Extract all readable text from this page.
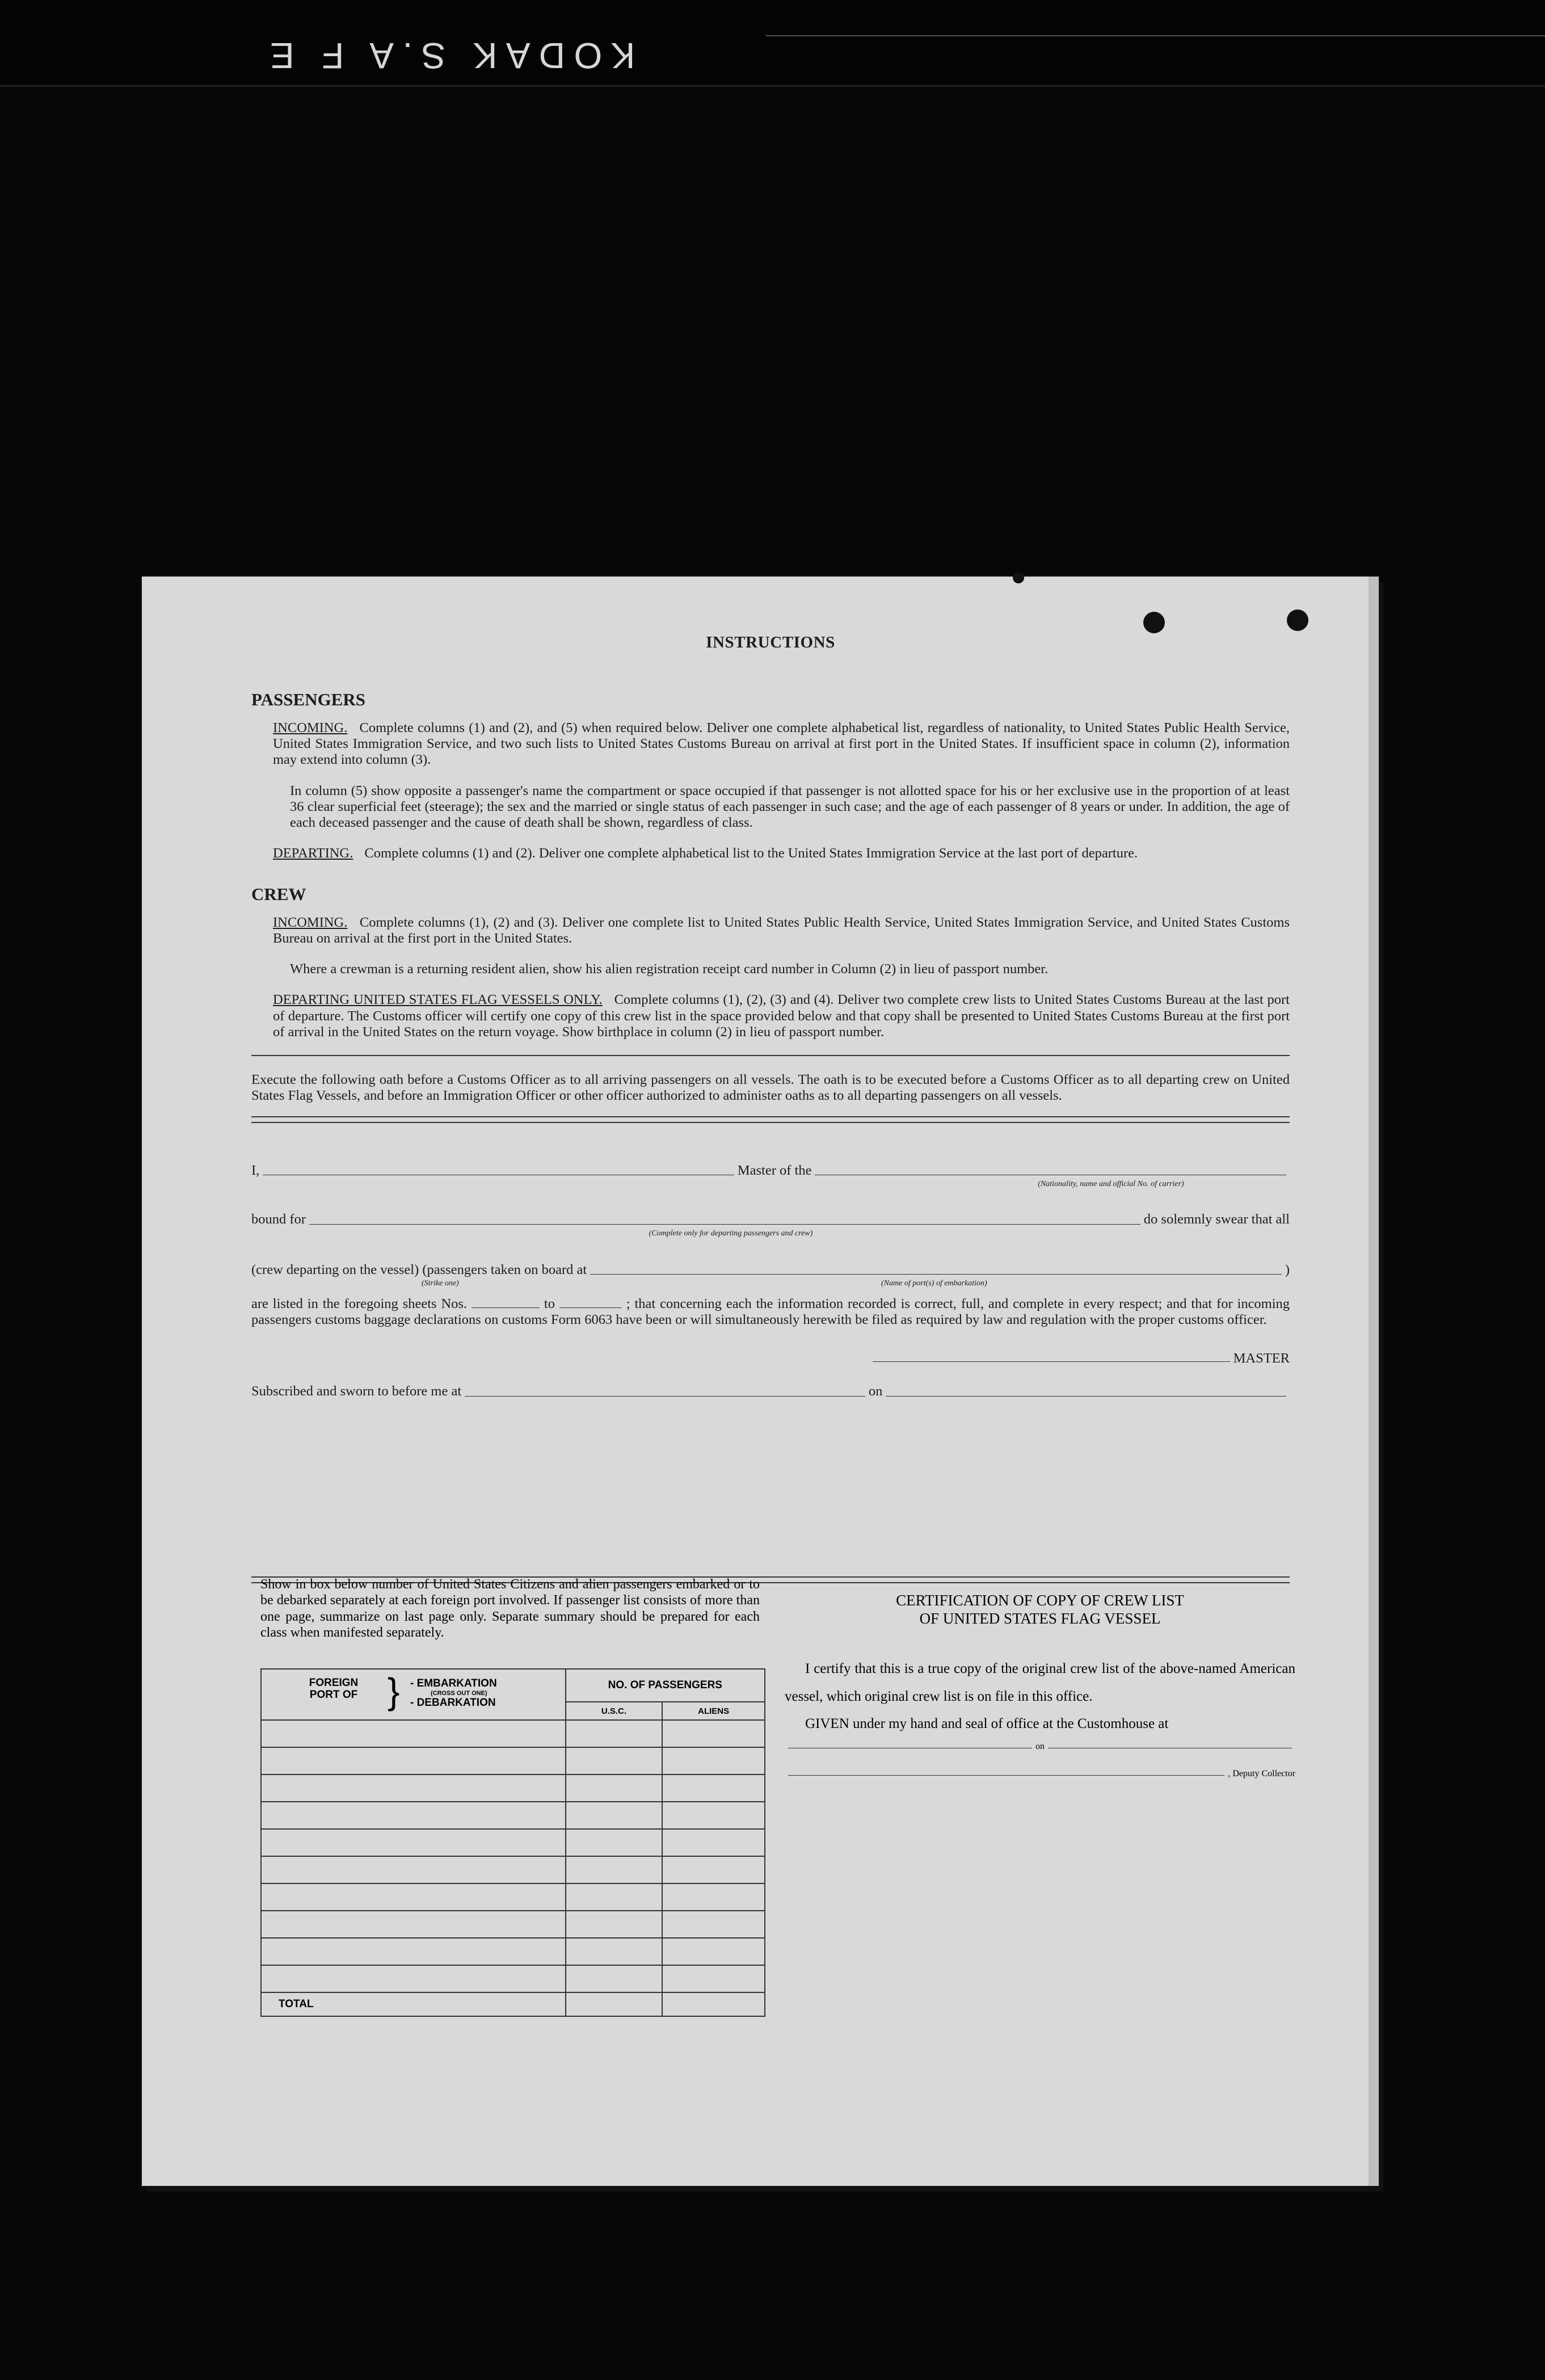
KODAK S.A F E
INSTRUCTIONS
PASSENGERS
INCOMING. Complete columns (1) and (2), and (5) when required below. Deliver one complete alphabetical list, regardless of nationality, to United States Public Health Service, United States Immigration Service, and two such lists to United States Customs Bureau on arrival at first port in the United States. If insufficient space in column (2), information may extend into column (3).
In column (5) show opposite a passenger's name the compartment or space occupied if that passenger is not allotted space for his or her exclusive use in the proportion of at least 36 clear superficial feet (steerage); the sex and the married or single status of each passenger in such case; and the age of each passenger of 8 years or under. In addition, the age of each deceased passenger and the cause of death shall be shown, regardless of class.
DEPARTING. Complete columns (1) and (2). Deliver one complete alphabetical list to the United States Immigration Service at the last port of departure.
CREW
INCOMING. Complete columns (1), (2) and (3). Deliver one complete list to United States Public Health Service, United States Immigration Service, and United States Customs Bureau on arrival at the first port in the United States.
Where a crewman is a returning resident alien, show his alien registration receipt card number in Column (2) in lieu of passport number.
DEPARTING UNITED STATES FLAG VESSELS ONLY. Complete columns (1), (2), (3) and (4). Deliver two complete crew lists to United States Customs Bureau at the last port of departure. The Customs officer will certify one copy of this crew list in the space provided below and that copy shall be presented to United States Customs Bureau at the first port of arrival in the United States on the return voyage. Show birthplace in column (2) in lieu of passport number.
Execute the following oath before a Customs Officer as to all arriving passengers on all vessels. The oath is to be executed before a Customs Officer as to all departing crew on United States Flag Vessels, and before an Immigration Officer or other officer authorized to administer oaths as to all departing passengers on all vessels.
I,	Master of the
(Nationality, name and official No. of carrier)
bound for	do solemnly swear that all
(Complete only for departing passengers and crew)
(crew departing on the vessel) (passengers taken on board at	)
(Strike one)	(Name of port(s) of embarkation)
are listed in the foregoing sheets Nos.	to	; that concerning each the information recorded is correct, full, and complete in every respect; and that for incoming passengers customs baggage declarations on customs Form 6063 have been or will simultaneously herewith be filed as required by law and regulation with the proper customs officer.
MASTER
Subscribed and sworn to before me at	on
Show in box below number of United States Citizens and alien passengers embarked or to be debarked separately at each foreign port involved. If passenger list consists of more than one page, summarize on last page only. Separate summary should be prepared for each class when manifested separately.
FOREIGN PORT OF } - EMBARKATION
(CROSS OUT ONE)
- DEBARKATION	NO. OF PASSENGERS	
	U.S.C.	ALIENS

TOTAL		
CERTIFICATION OF COPY OF CREW LIST
OF UNITED STATES FLAG VESSEL

I certify that this is a true copy of the original crew list of the above-named American vessel, which original crew list is on file in this office.

GIVEN under my hand and seal of office at the Customhouse at

on
, Deputy Collector
